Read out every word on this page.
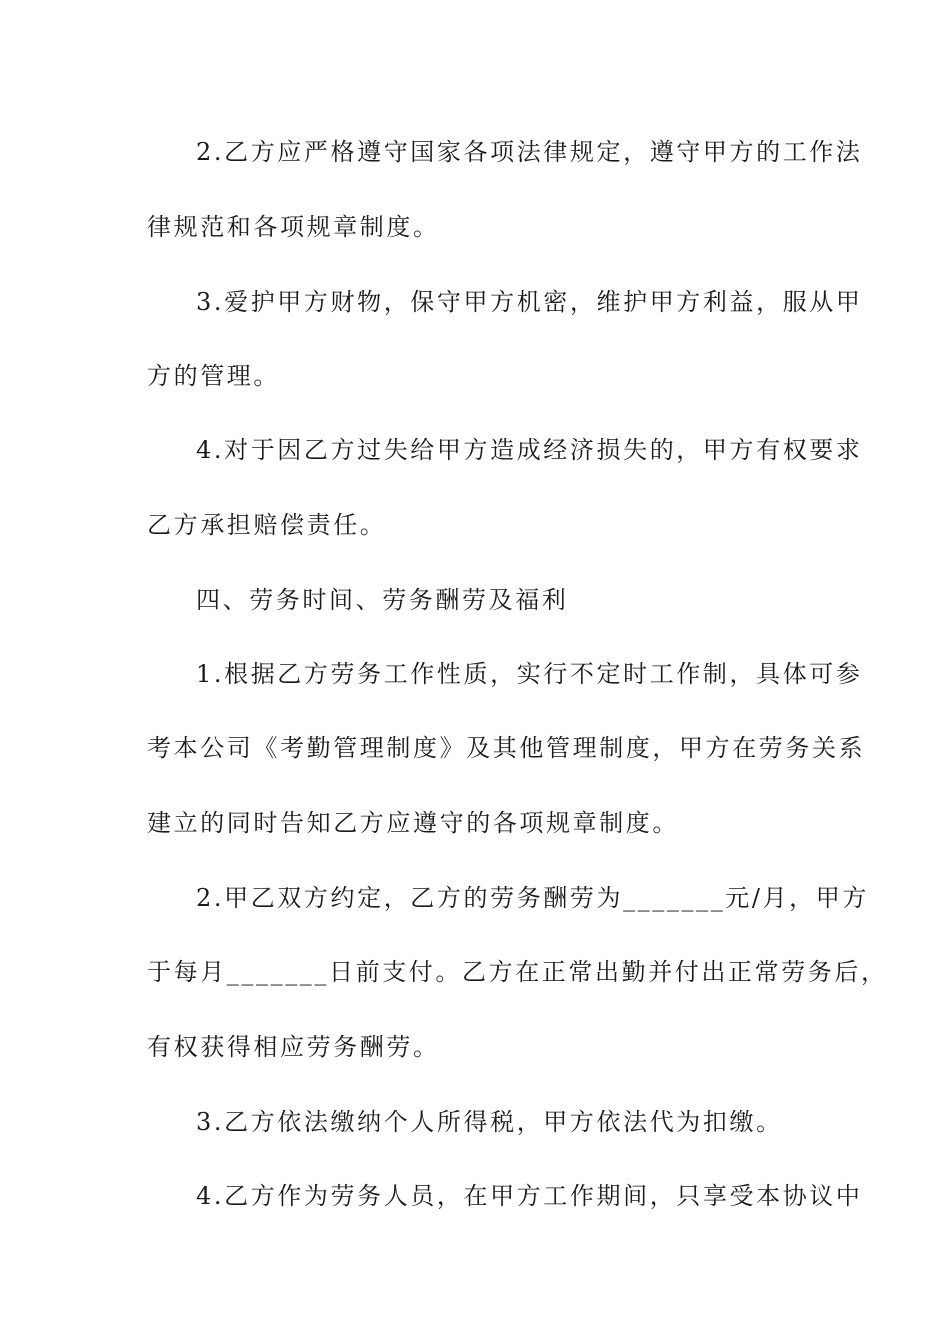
2.乙方应严格遵守国家各项法律规定，遵守甲方的工作法
律规范和各项规章制度。
3.爱护甲方财物，保守甲方机密，维护甲方利益，服从甲
方的管理。
4.对于因乙方过失给甲方造成经济损失的，甲方有权要求
乙方承担赔偿责任。
四、劳务时间、劳务酬劳及福利
1.根据乙方劳务工作性质，实行不定时工作制，具体可参
考本公司《考勤管理制度》及其他管理制度，甲方在劳务关系
建立的同时告知乙方应遵守的各项规章制度。
2.甲乙双方约定，乙方的劳务酬劳为_______元/月，甲方
于每月_______日前支付。乙方在正常出勤并付出正常劳务后，
有权获得相应劳务酬劳。
3.乙方依法缴纳个人所得税，甲方依法代为扣缴。
4.乙方作为劳务人员，在甲方工作期间，只享受本协议中
